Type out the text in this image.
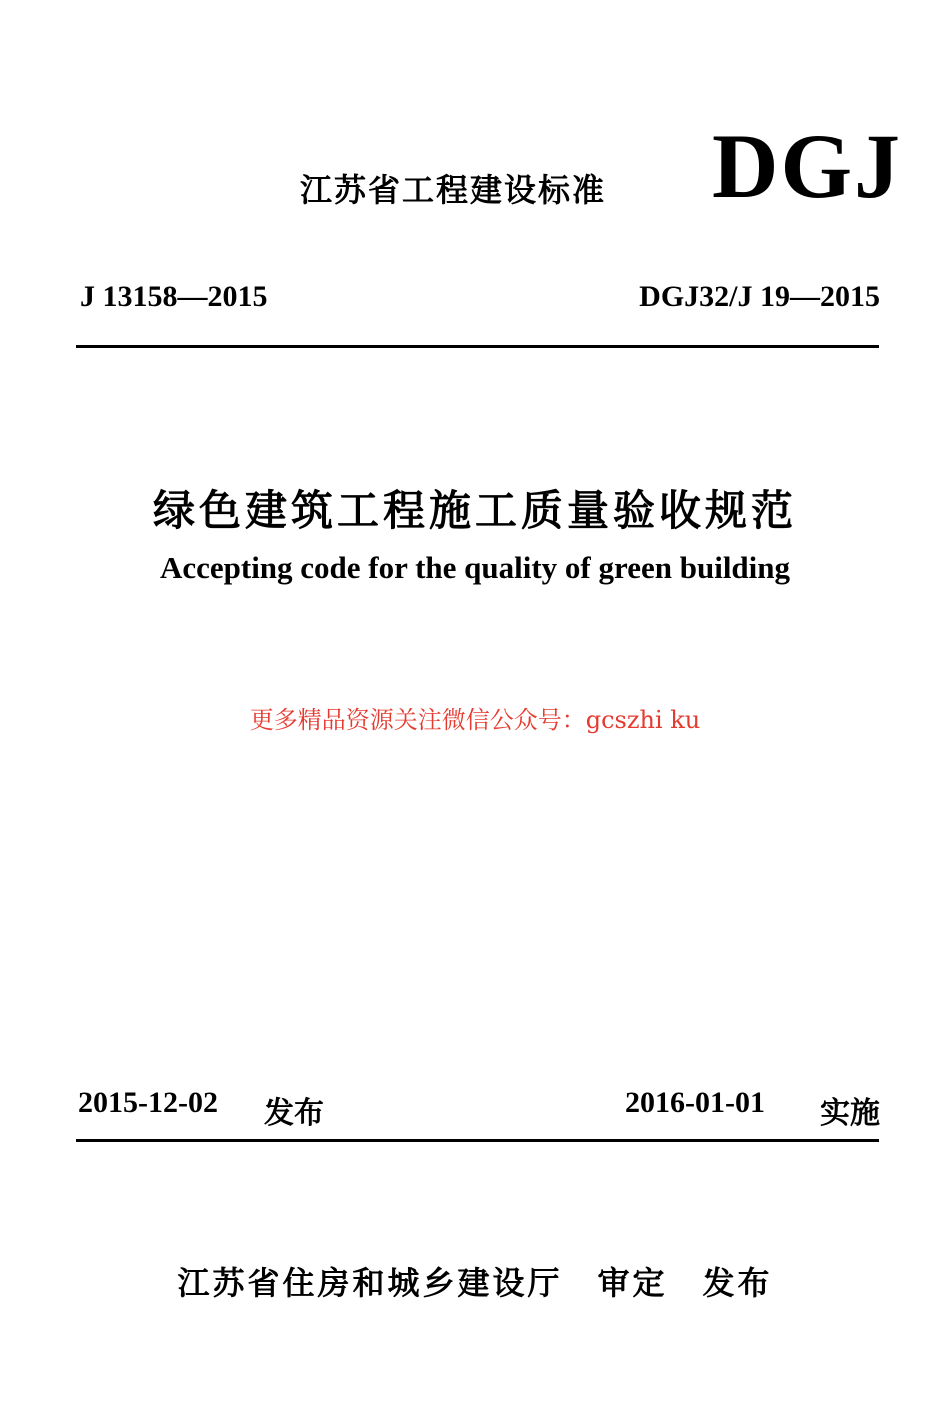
江苏省工程建设标准 DGJ
J 13158—2015	DGJ32/J 19—2015
绿色建筑工程施工质量验收规范
Accepting code for the quality of green building
更多精品资源关注微信公众号：gcszhi ku
2015-12-02 发布	2016-01-01 实施
江苏省住房和城乡建设厅　审定　发布
